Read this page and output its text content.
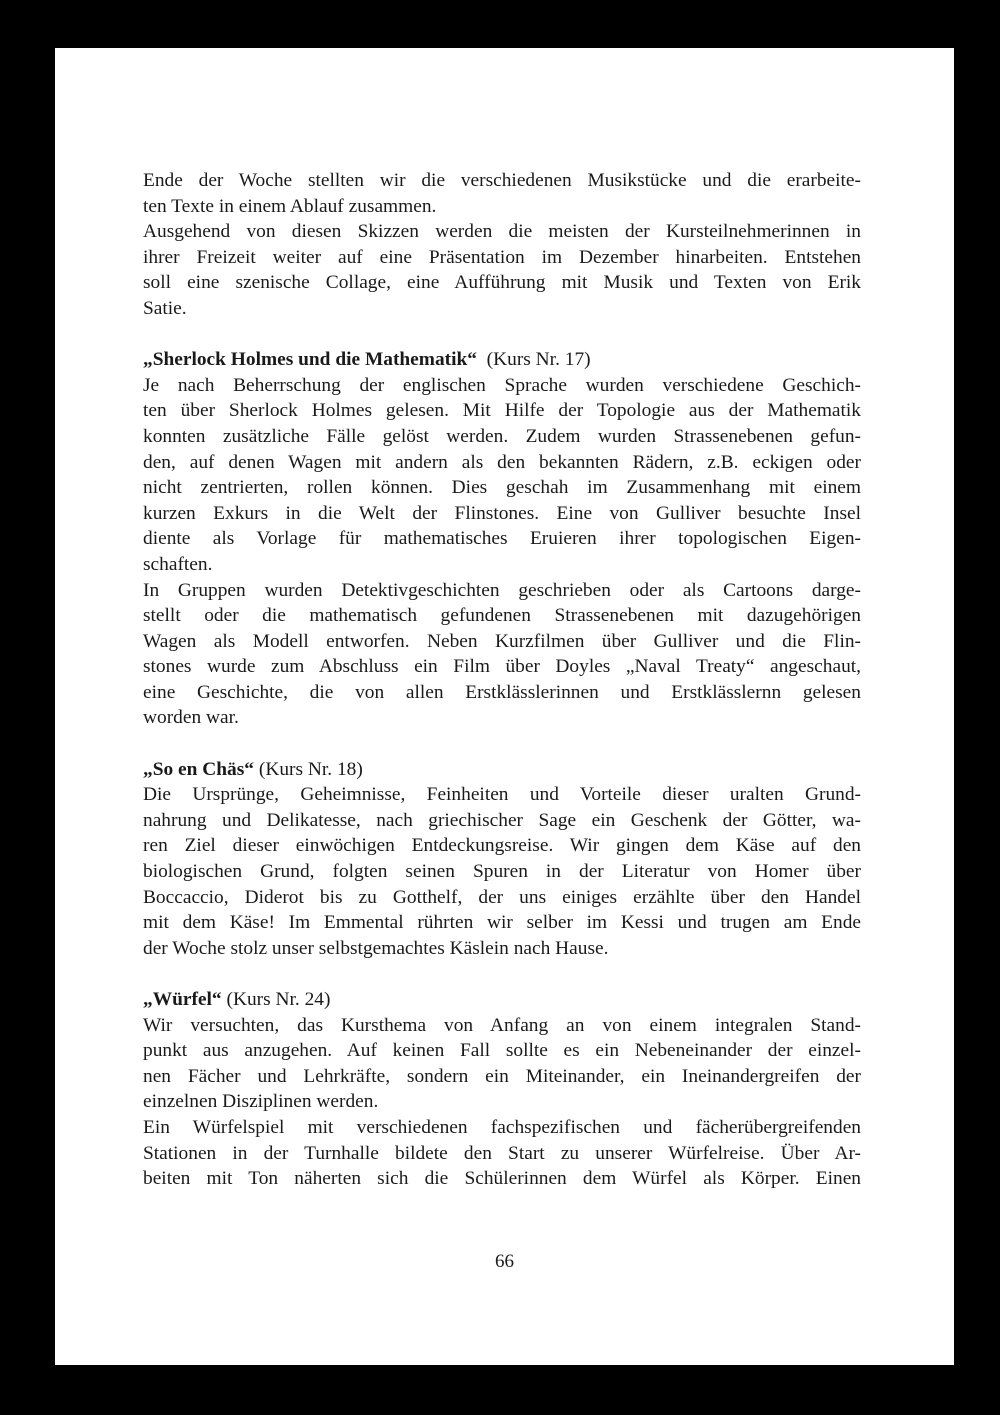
Ende der Woche stellten wir die verschiedenen Musikstücke und die erarbeite-
ten Texte in einem Ablauf zusammen.
Ausgehend von diesen Skizzen werden die meisten der Kursteilnehmerinnen in
ihrer Freizeit weiter auf eine Präsentation im Dezember hinarbeiten. Entstehen
soll eine szenische Collage, eine Aufführung mit Musik und Texten von Erik
Satie.
„Sherlock Holmes und die Mathematik“ (Kurs Nr. 17)
Je nach Beherrschung der englischen Sprache wurden verschiedene Geschich-
ten über Sherlock Holmes gelesen. Mit Hilfe der Topologie aus der Mathematik
konnten zusätzliche Fälle gelöst werden. Zudem wurden Strassenebenen gefun-
den, auf denen Wagen mit andern als den bekannten Rädern, z.B. eckigen oder
nicht zentrierten, rollen können. Dies geschah im Zusammenhang mit einem
kurzen Exkurs in die Welt der Flinstones. Eine von Gulliver besuchte Insel
diente als Vorlage für mathematisches Eruieren ihrer topologischen Eigen-
schaften.
In Gruppen wurden Detektivgeschichten geschrieben oder als Cartoons darge-
stellt oder die mathematisch gefundenen Strassenebenen mit dazugehörigen
Wagen als Modell entworfen. Neben Kurzfilmen über Gulliver und die Flin-
stones wurde zum Abschluss ein Film über Doyles „Naval Treaty“ angeschaut,
eine Geschichte, die von allen Erstklässlerinnen und Erstklässlernn gelesen
worden war.
„So en Chäs“ (Kurs Nr. 18)
Die Ursprünge, Geheimnisse, Feinheiten und Vorteile dieser uralten Grund-
nahrung und Delikatesse, nach griechischer Sage ein Geschenk der Götter, wa-
ren Ziel dieser einwöchigen Entdeckungsreise. Wir gingen dem Käse auf den
biologischen Grund, folgten seinen Spuren in der Literatur von Homer über
Boccaccio, Diderot bis zu Gotthelf, der uns einiges erzählte über den Handel
mit dem Käse! Im Emmental rührten wir selber im Kessi und trugen am Ende
der Woche stolz unser selbstgemachtes Käslein nach Hause.
„Würfel“ (Kurs Nr. 24)
Wir versuchten, das Kursthema von Anfang an von einem integralen Stand-
punkt aus anzugehen. Auf keinen Fall sollte es ein Nebeneinander der einzel-
nen Fächer und Lehrkräfte, sondern ein Miteinander, ein Ineinandergreifen der
einzelnen Disziplinen werden.
Ein Würfelspiel mit verschiedenen fachspezifischen und fächerübergreifenden
Stationen in der Turnhalle bildete den Start zu unserer Würfelreise. Über Ar-
beiten mit Ton näherten sich die Schülerinnen dem Würfel als Körper. Einen
66
